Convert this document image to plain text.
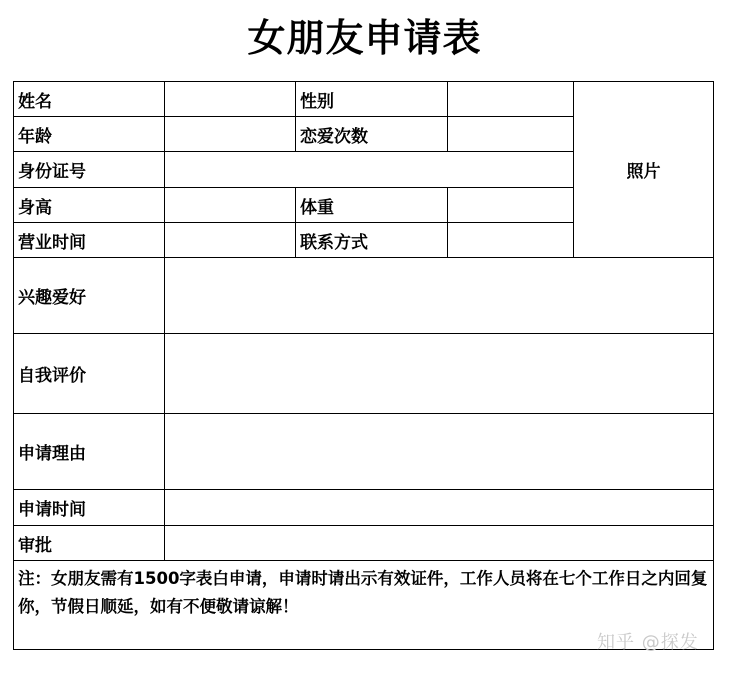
女朋友申请表
姓名		性别		照片
年龄		恋爱次数		
身份证号				
身高		体重		
营业时间		联系方式		
兴趣爱好				
自我评价				
申请理由				
申请时间				
审批				
注：女朋友需有1500字表白申请，申请时请出示有效证件，工作人员将在七个工作日之内回复你，节假日顺延，如有不便敬请谅解！				
知乎 @探发
